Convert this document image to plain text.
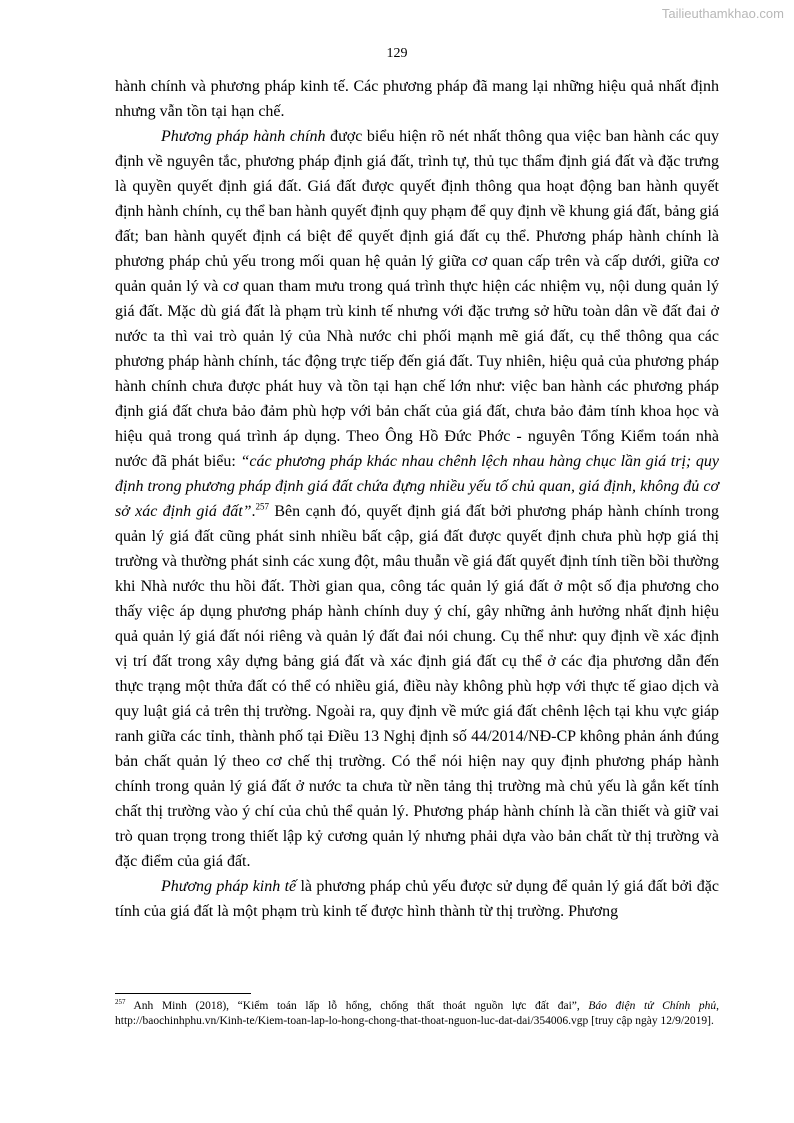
Tailieuthamkhao.com
129

hành chính và phương pháp kinh tế. Các phương pháp đã mang lại những hiệu quả nhất định nhưng vẫn tồn tại hạn chế.

Phương pháp hành chính được biểu hiện rõ nét nhất thông qua việc ban hành các quy định về nguyên tắc, phương pháp định giá đất, trình tự, thủ tục thẩm định giá đất và đặc trưng là quyền quyết định giá đất. Giá đất được quyết định thông qua hoạt động ban hành quyết định hành chính, cụ thể ban hành quyết định quy phạm để quy định về khung giá đất, bảng giá đất; ban hành quyết định cá biệt để quyết định giá đất cụ thể. Phương pháp hành chính là phương pháp chủ yếu trong mối quan hệ quản lý giữa cơ quan cấp trên và cấp dưới, giữa cơ quản quản lý và cơ quan tham mưu trong quá trình thực hiện các nhiệm vụ, nội dung quản lý giá đất. Mặc dù giá đất là phạm trù kinh tế nhưng với đặc trưng sở hữu toàn dân về đất đai ở nước ta thì vai trò quản lý của Nhà nước chi phối mạnh mẽ giá đất, cụ thể thông qua các phương pháp hành chính, tác động trực tiếp đến giá đất. Tuy nhiên, hiệu quả của phương pháp hành chính chưa được phát huy và tồn tại hạn chế lớn như: việc ban hành các phương pháp định giá đất chưa bảo đảm phù hợp với bản chất của giá đất, chưa bảo đảm tính khoa học và hiệu quả trong quá trình áp dụng. Theo Ông Hồ Đức Phớc - nguyên Tổng Kiểm toán nhà nước đã phát biểu: “các phương pháp khác nhau chênh lệch nhau hàng chục lần giá trị; quy định trong phương pháp định giá đất chứa đựng nhiều yếu tố chủ quan, giá định, không đủ cơ sở xác định giá đất”.$^{257}$ Bên cạnh đó, quyết định giá đất bởi phương pháp hành chính trong quản lý giá đất cũng phát sinh nhiều bất cập, giá đất được quyết định chưa phù hợp giá thị trường và thường phát sinh các xung đột, mâu thuẫn về giá đất quyết định tính tiền bồi thường khi Nhà nước thu hồi đất. Thời gian qua, công tác quản lý giá đất ở một số địa phương cho thấy việc áp dụng phương pháp hành chính duy ý chí, gây những ảnh hưởng nhất định hiệu quả quản lý giá đất nói riêng và quản lý đất đai nói chung. Cụ thể như: quy định về xác định vị trí đất trong xây dựng bảng giá đất và xác định giá đất cụ thể ở các địa phương dẫn đến thực trạng một thửa đất có thể có nhiều giá, điều này không phù hợp với thực tế giao dịch và quy luật giá cả trên thị trường. Ngoài ra, quy định về mức giá đất chênh lệch tại khu vực giáp ranh giữa các tỉnh, thành phố tại Điều 13 Nghị định số 44/2014/NĐ-CP không phản ánh đúng bản chất quản lý theo cơ chế thị trường. Có thể nói hiện nay quy định phương pháp hành chính trong quản lý giá đất ở nước ta chưa từ nền tảng thị trường mà chủ yếu là gắn kết tính chất thị trường vào ý chí của chủ thể quản lý. Phương pháp hành chính là cần thiết và giữ vai trò quan trọng trong thiết lập kỷ cương quản lý nhưng phải dựa vào bản chất từ thị trường và đặc điểm của giá đất.

Phương pháp kinh tế là phương pháp chủ yếu được sử dụng để quản lý giá đất bởi đặc tính của giá đất là một phạm trù kinh tế được hình thành từ thị trường. Phương

$^{257}$ Anh Minh (2018), “Kiểm toán lấp lỗ hổng, chống thất thoát nguồn lực đất đai”, Báo điện tử Chính phủ, http://baochinhphu.vn/Kinh-te/Kiem-toan-lap-lo-hong-chong-that-thoat-nguon-luc-dat-dai/354006.vgp [truy cập ngày 12/9/2019].
